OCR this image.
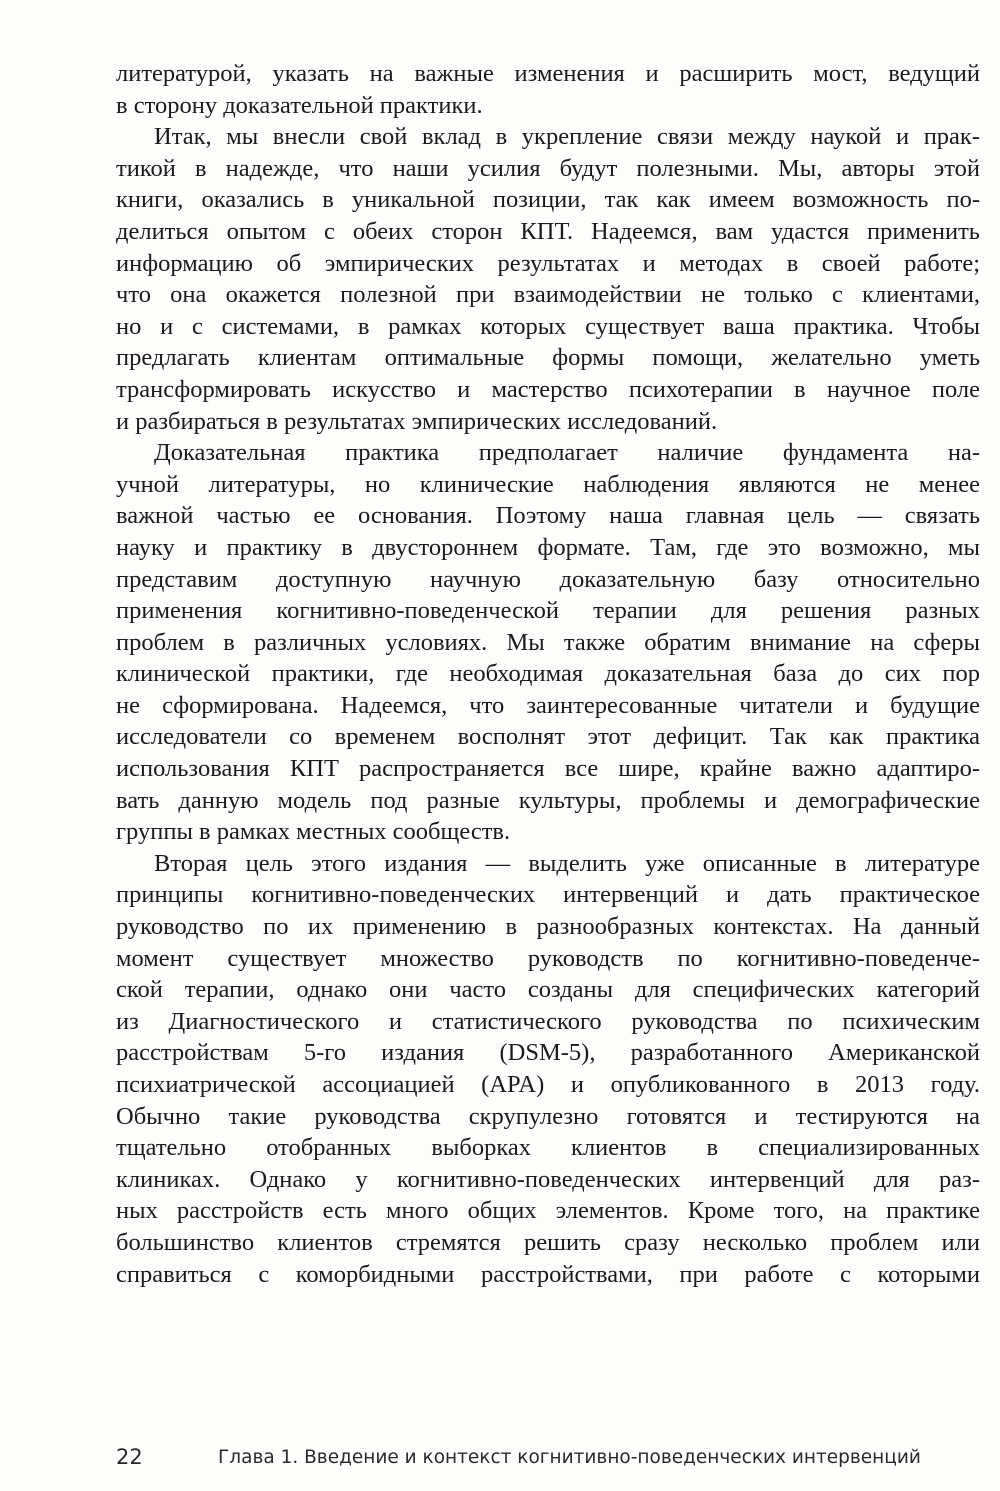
литературой, указать на важные изменения и расширить мост, ведущий
в сторону доказательной практики.
Итак, мы внесли свой вклад в укрепление связи между наукой и прак-
тикой в надежде, что наши усилия будут полезными. Мы, авторы этой
книги, оказались в уникальной позиции, так как имеем возможность по-
делиться опытом с обеих сторон КПТ. Надеемся, вам удастся применить
информацию об эмпирических результатах и методах в своей работе;
что она окажется полезной при взаимодействии не только с клиентами,
но и с системами, в рамках которых существует ваша практика. Чтобы
предлагать клиентам оптимальные формы помощи, желательно уметь
трансформировать искусство и мастерство психотерапии в научное поле
и разбираться в результатах эмпирических исследований.
Доказательная практика предполагает наличие фундамента на-
учной литературы, но клинические наблюдения являются не менее
важной частью ее основания. Поэтому наша главная цель — связать
науку и практику в двустороннем формате. Там, где это возможно, мы
представим доступную научную доказательную базу относительно
применения когнитивно-поведенческой терапии для решения разных
проблем в различных условиях. Мы также обратим внимание на сферы
клинической практики, где необходимая доказательная база до сих пор
не сформирована. Надеемся, что заинтересованные читатели и будущие
исследователи со временем восполнят этот дефицит. Так как практика
использования КПТ распространяется все шире, крайне важно адаптиро-
вать данную модель под разные культуры, проблемы и демографические
группы в рамках местных сообществ.
Вторая цель этого издания — выделить уже описанные в литературе
принципы когнитивно-поведенческих интервенций и дать практическое
руководство по их применению в разнообразных контекстах. На данный
момент существует множество руководств по когнитивно-поведенче-
ской терапии, однако они часто созданы для специфических категорий
из Диагностического и статистического руководства по психическим
расстройствам 5-го издания (DSM-5), разработанного Американской
психиатрической ассоциацией (APA) и опубликованного в 2013 году.
Обычно такие руководства скрупулезно готовятся и тестируются на
тщательно отобранных выборках клиентов в специализированных
клиниках. Однако у когнитивно-поведенческих интервенций для раз-
ных расстройств есть много общих элементов. Кроме того, на практике
большинство клиентов стремятся решить сразу несколько проблем или
справиться с коморбидными расстройствами, при работе с которыми
22	Глава 1. Введение и контекст когнитивно-поведенческих интервенций
